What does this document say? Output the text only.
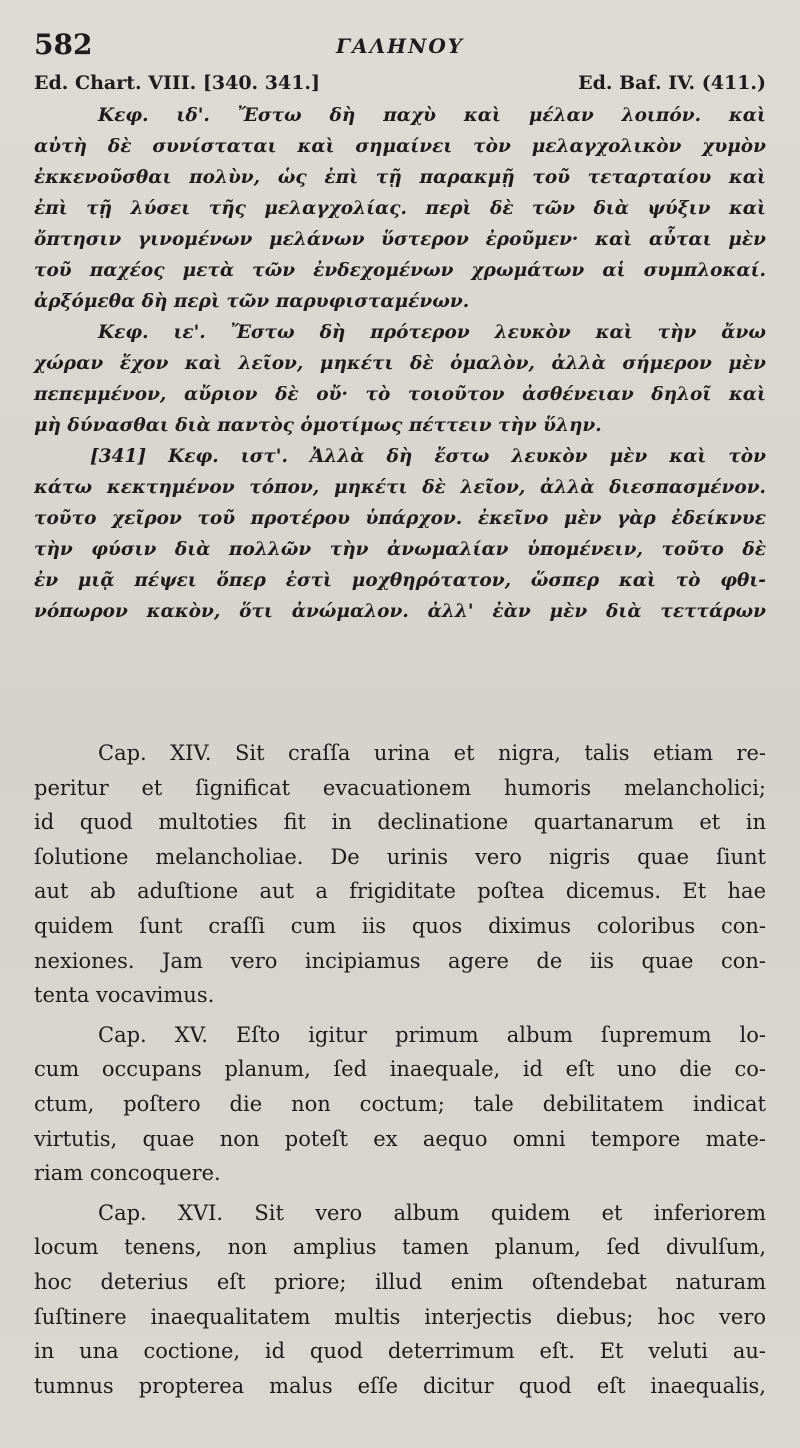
582	ΓΑΛΗΝΟΥ
Ed. Chart. VIII. [340. 341.]	Ed. Baf. IV. (411.)
Κεφ. ιδ'. Ἔστω δὴ παχὺ καὶ μέλαν λοιπόν. καὶ
αὐτὴ δὲ συνίσταται καὶ σημαίνει τὸν μελαγχολικὸν χυμὸν
ἐκκενοῦσθαι πολὺν, ὡς ἐπὶ τῇ παρακμῇ τοῦ τεταρταίου καὶ
ἐπὶ τῇ λύσει τῆς μελαγχολίας. περὶ δὲ τῶν διὰ ψύξιν καὶ
ὄπτησιν γινομένων μελάνων ὕστερον ἐροῦμεν· καὶ αὗται μὲν
τοῦ παχέος μετὰ τῶν ἐνδεχομένων χρωμάτων αἱ συμπλοκαί.
ἀρξόμεθα δὴ περὶ τῶν παρυφισταμένων.
Κεφ. ιε'. Ἔστω δὴ πρότερον λευκὸν καὶ τὴν ἄνω
χώραν ἔχον καὶ λεῖον, μηκέτι δὲ ὁμαλὸν, ἀλλὰ σήμερον μὲν
πεπεμμένον, αὔριον δὲ οὔ· τὸ τοιοῦτον ἀσθένειαν δηλοῖ καὶ
μὴ δύνασθαι διὰ παντὸς ὁμοτίμως πέττειν τὴν ὕλην.
[341] Κεφ. ιστ'. Ἀλλὰ δὴ ἔστω λευκὸν μὲν καὶ τὸν
κάτω κεκτημένον τόπον, μηκέτι δὲ λεῖον, ἀλλὰ διεσπασμένον.
τοῦτο χεῖρον τοῦ προτέρου ὑπάρχον. ἐκεῖνο μὲν γὰρ ἐδείκνυε
τὴν φύσιν διὰ πολλῶν τὴν ἀνωμαλίαν ὑπομένειν, τοῦτο δὲ
ἐν μιᾷ πέψει ὅπερ ἐστὶ μοχθηρότατον, ὥσπερ καὶ τὸ φθι-
νόπωρον κακὸν, ὅτι ἀνώμαλον. ἀλλ' ἐὰν μὲν διὰ τεττάρων
Cap. XIV. Sit craſſa urina et nigra, talis etiam re-
peritur et ſignificat evacuationem humoris melancholici;
id quod multoties fit in declinatione quartanarum et in
ſolutione melancholiae. De urinis vero nigris quae ſiunt
aut ab aduſtione aut a frigiditate poſtea dicemus. Et hae
quidem ſunt craſſi cum iis quos diximus coloribus con-
nexiones. Jam vero incipiamus agere de iis quae con-
tenta vocavimus.
Cap. XV. Eſto igitur primum album ſupremum lo-
cum occupans planum, ſed inaequale, id eſt uno die co-
ctum, poſtero die non coctum; tale debilitatem indicat
virtutis, quae non poteſt ex aequo omni tempore mate-
riam concoquere.
Cap. XVI. Sit vero album quidem et inferiorem
locum tenens, non amplius tamen planum, ſed divulſum,
hoc deterius eſt priore; illud enim oſtendebat naturam
ſuſtinere inaequalitatem multis interjectis diebus; hoc vero
in una coctione, id quod deterrimum eſt. Et veluti au-
tumnus propterea malus eſſe dicitur quod eſt inaequalis,
